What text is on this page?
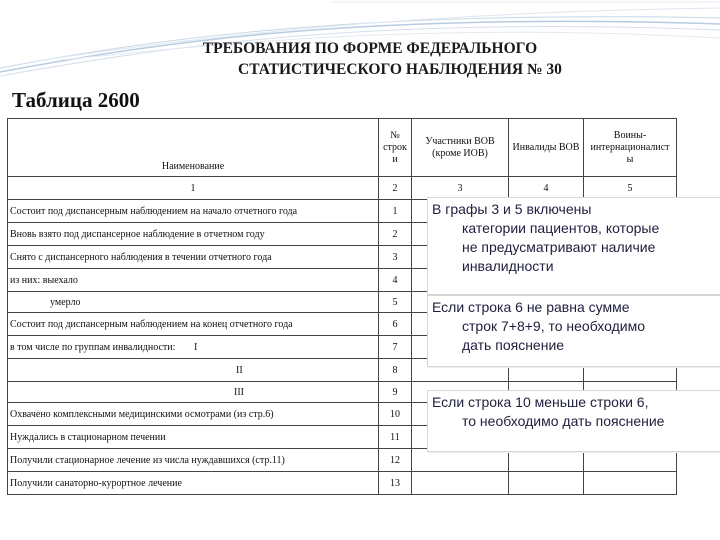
ТРЕБОВАНИЯ ПО ФОРМЕ ФЕДЕРАЛЬНОГО
СТАТИСТИЧЕСКОГО НАБЛЮДЕНИЯ № 30
Таблица 2600
Наименование	№ строк и	Участники ВОВ (кроме ИОВ)	Инвалиды ВОВ	Воины-интернационалист ы
1	2	3	4	5
Состоит под диспансерным наблюдением на начало отчетного года	1			
Вновь взято под диспансерное наблюдение в отчетном году	2			
Снято с диспансерного наблюдения в течении отчетного года	3			
из них: выехало	4			
умерло	5			
Состоит под диспансерным наблюдением на конец отчетного года	6			
в том числе по группам инвалидности: I	7			
II	8			
III	9			
Охвачено комплексными медицинскими осмотрами (из стр.6)	10			
Нуждались в стационарном печении	11			
Получили стационарное лечение из числа нуждавшихся (стр.11)	12			
Получили санаторно-курортное лечение	13			
В графы 3 и 5 включены
категории пациентов, которые
не предусматривают наличие
инвалидности
Если строка 6 не равна сумме
строк 7+8+9, то необходимо
дать пояснение
Если строка 10 меньше строки 6,
то необходимо дать пояснение
